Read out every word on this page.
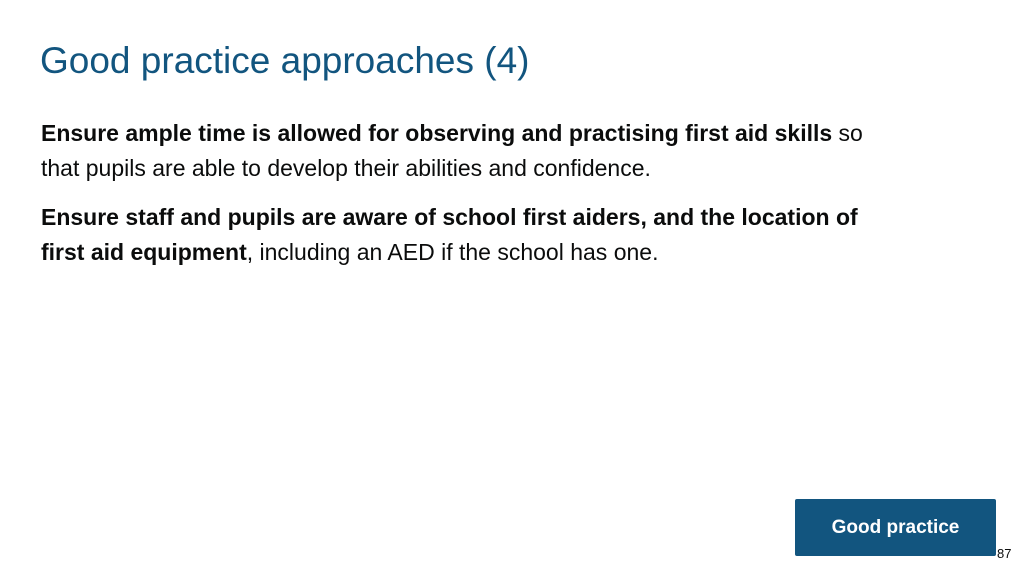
Good practice approaches (4)

Ensure ample time is allowed for observing and practising first aid skills so that pupils are able to develop their abilities and confidence.

Ensure staff and pupils are aware of school first aiders, and the location of first aid equipment, including an AED if the school has one.

Good practice
87
